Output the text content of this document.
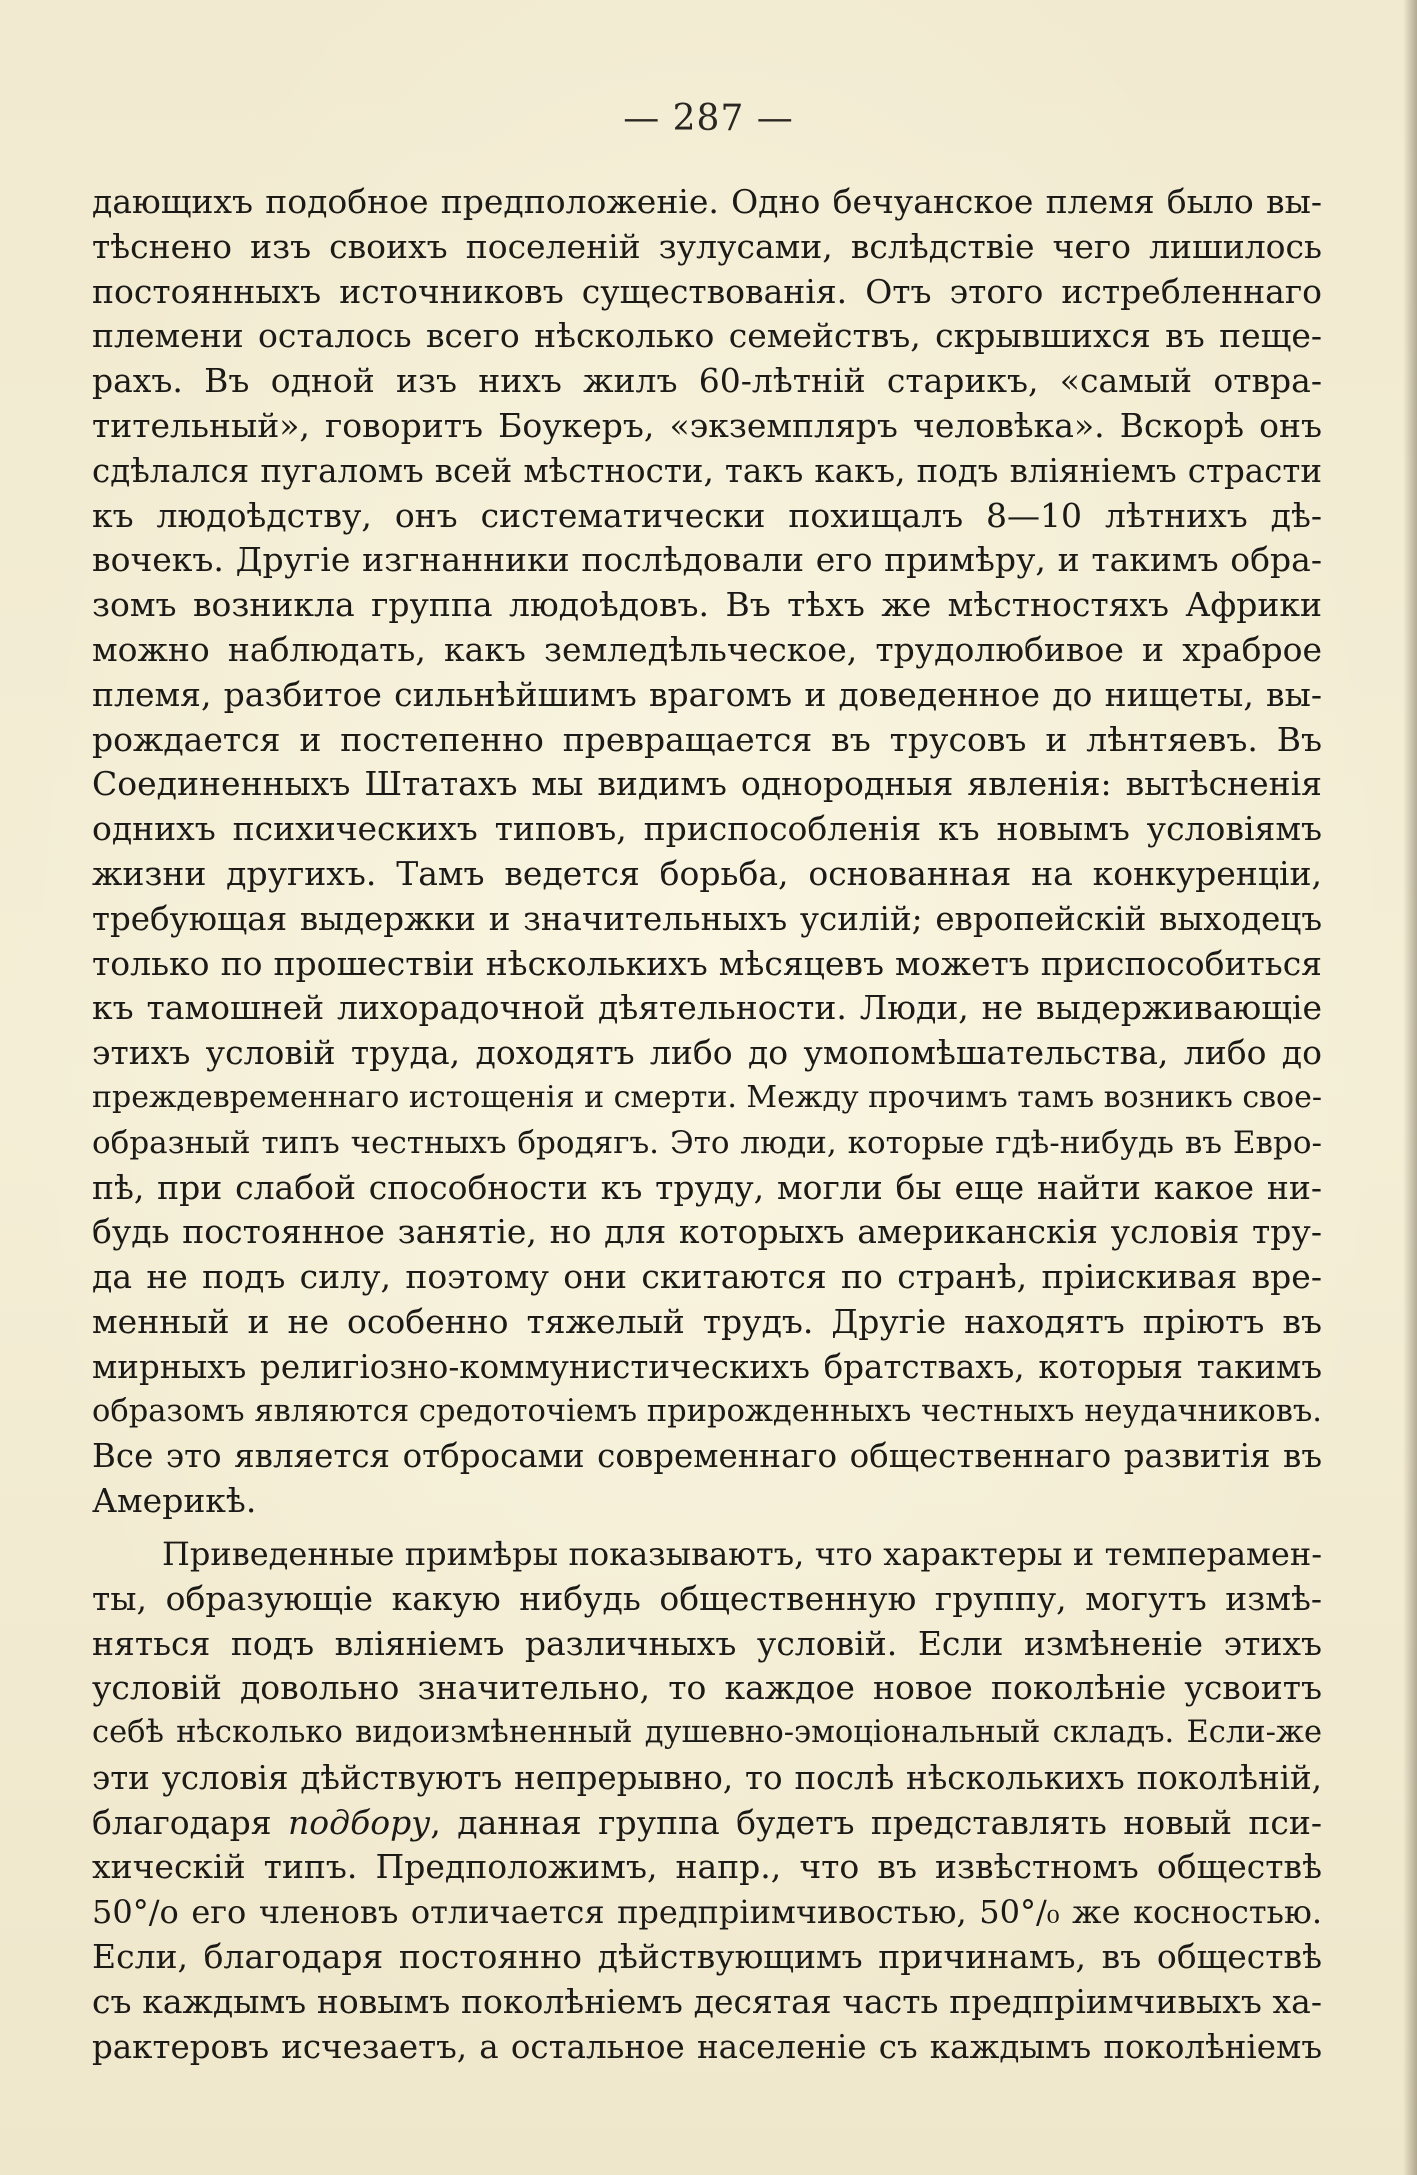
— 287 —
дающихъ подобное предположеніе. Одно бечуанское племя было вы-
тѣснено изъ своихъ поселеній зулусами, вслѣдствіе чего лишилось
постоянныхъ источниковъ существованія. Отъ этого истребленнаго
племени осталось всего нѣсколько семействъ, скрывшихся въ пеще-
рахъ. Въ одной изъ нихъ жилъ 60-лѣтній старикъ, «самый отвра-
тительный», говоритъ Боукеръ, «экземпляръ человѣка». Вскорѣ онъ
сдѣлался пугаломъ всей мѣстности, такъ какъ, подъ вліяніемъ страсти
къ людоѣдству, онъ систематически похищалъ 8—10 лѣтнихъ дѣ-
вочекъ. Другіе изгнанники послѣдовали его примѣру, и такимъ обра-
зомъ возникла группа людоѣдовъ. Въ тѣхъ же мѣстностяхъ Африки
можно наблюдать, какъ земледѣльческое, трудолюбивое и храброе
племя, разбитое сильнѣйшимъ врагомъ и доведенное до нищеты, вы-
рождается и постепенно превращается въ трусовъ и лѣнтяевъ. Въ
Соединенныхъ Штатахъ мы видимъ однородныя явленія: вытѣсненія
однихъ психическихъ типовъ, приспособленія къ новымъ условіямъ
жизни другихъ. Тамъ ведется борьба, основанная на конкуренціи,
требующая выдержки и значительныхъ усилій; европейскій выходецъ
только по прошествіи нѣсколькихъ мѣсяцевъ можетъ приспособиться
къ тамошней лихорадочной дѣятельности. Люди, не выдерживающіе
этихъ условій труда, доходятъ либо до умопомѣшательства, либо до
преждевременнаго истощенія и смерти. Между прочимъ тамъ возникъ свое-
образный типъ честныхъ бродягъ. Это люди, которые гдѣ-нибудь въ Евро-
пѣ, при слабой способности къ труду, могли бы еще найти какое ни-
будь постоянное занятіе, но для которыхъ американскія условія тру-
да не подъ силу, поэтому они скитаются по странѣ, пріискивая вре-
менный и не особенно тяжелый трудъ. Другіе находятъ пріютъ въ
мирныхъ религіозно-коммунистическихъ братствахъ, которыя такимъ
образомъ являются средоточіемъ прирожденныхъ честныхъ неудачниковъ.
Все это является отбросами современнаго общественнаго развитія въ
Америкѣ.
Приведенные примѣры показываютъ, что характеры и темперамен-
ты, образующіе какую нибудь общественную группу, могутъ измѣ-
няться подъ вліяніемъ различныхъ условій. Если измѣненіе этихъ
условій довольно значительно, то каждое новое поколѣніе усвоитъ
себѣ нѣсколько видоизмѣненный душевно-эмоціональный складъ. Если-же
эти условія дѣйствуютъ непрерывно, то послѣ нѣсколькихъ поколѣній,
благодаря подбору, данная группа будетъ представлять новый пси-
хическій типъ. Предположимъ, напр., что въ извѣстномъ обществѣ
50°/о его членовъ отличается предпріимчивостью, 50°/₀ же косностью.
Если, благодаря постоянно дѣйствующимъ причинамъ, въ обществѣ
съ каждымъ новымъ поколѣніемъ десятая часть предпріимчивыхъ ха-
рактеровъ исчезаетъ, а остальное населеніе съ каждымъ поколѣніемъ
